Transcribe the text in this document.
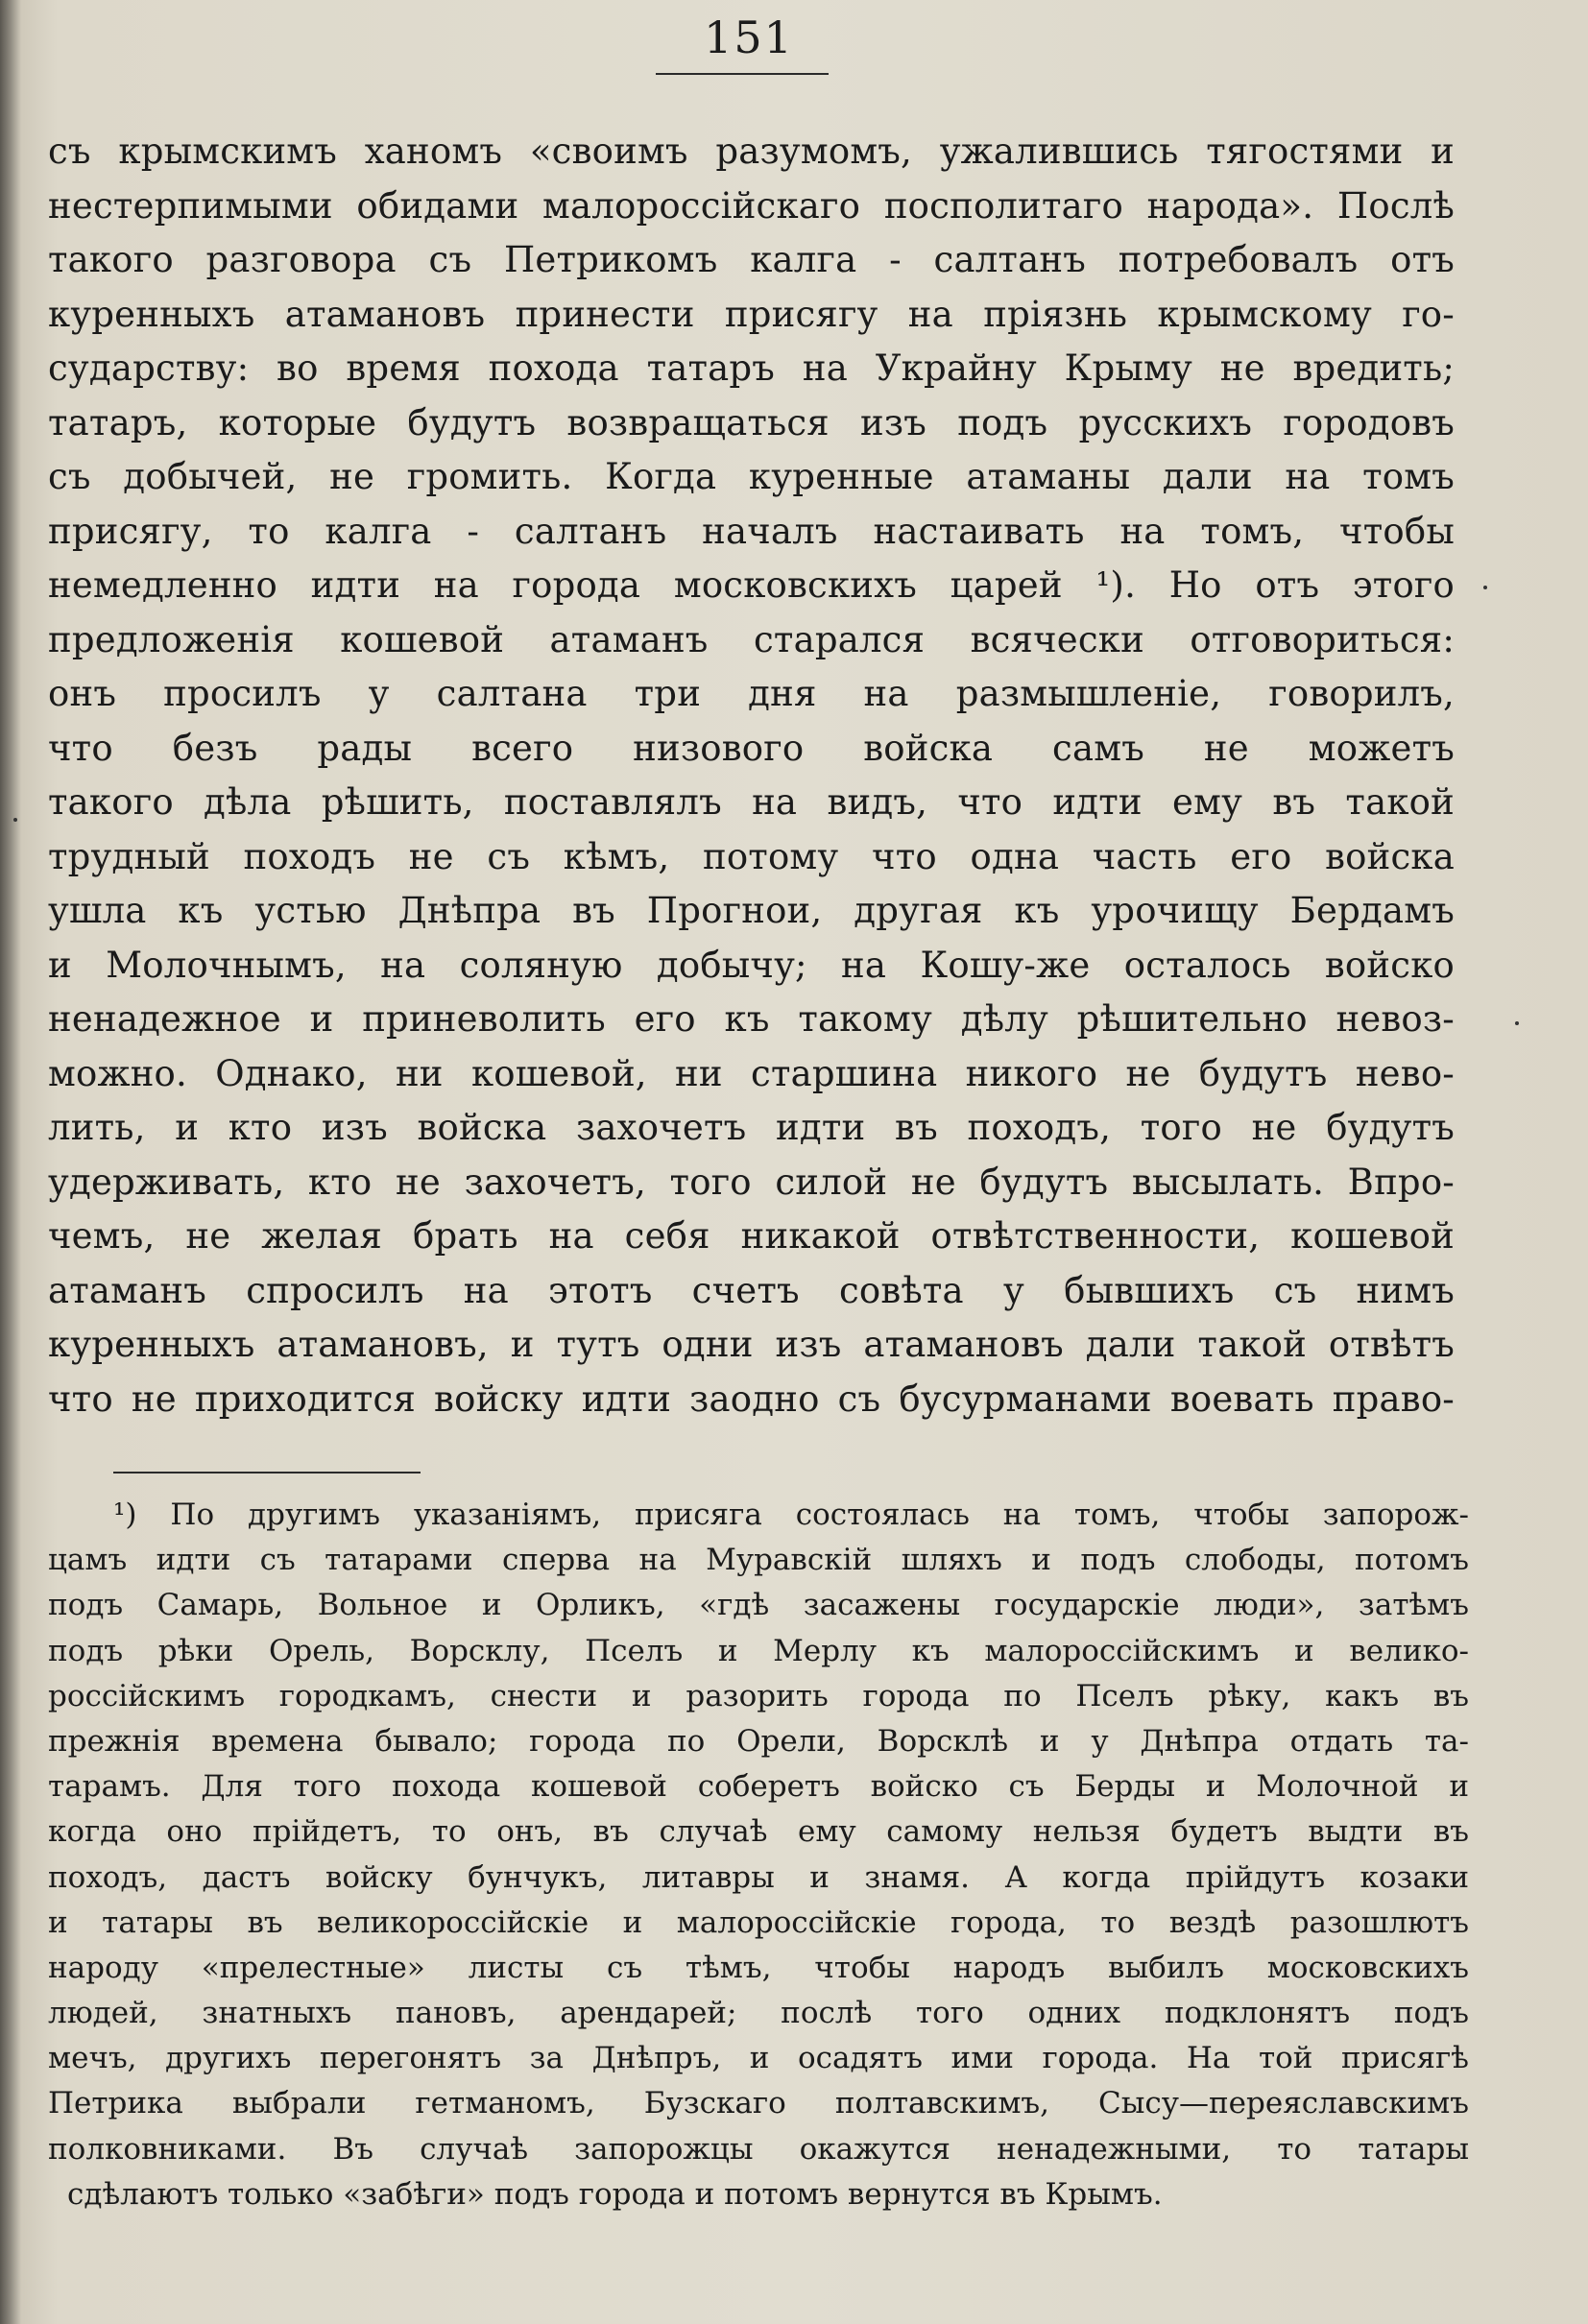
151
съ крымскимъ ханомъ «своимъ разумомъ, ужалившись тягостями и
нестерпимыми обидами малороссійскаго посполитаго народа». Послѣ
такого разговора съ Петрикомъ калга - салтанъ потребовалъ отъ
куренныхъ атамановъ принести присягу на пріязнь крымскому го-
сударству: во время похода татаръ на Украйну Крыму не вредить;
татаръ, которые будутъ возвращаться изъ подъ русскихъ городовъ
съ добычей, не громить. Когда куренные атаманы дали на томъ
присягу, то калга - салтанъ началъ настаивать на томъ, чтобы
немедленно идти на города московскихъ царей ¹). Но отъ этого
предложенія кошевой атаманъ старался всячески отговориться:
онъ просилъ у салтана три дня на размышленіе, говорилъ,
что безъ рады всего низового войска самъ не можетъ
такого дѣла рѣшить, поставлялъ на видъ, что идти ему въ такой
трудный походъ не съ кѣмъ, потому что одна часть его войска
ушла къ устью Днѣпра въ Прогнои, другая къ урочищу Бердамъ
и Молочнымъ, на соляную добычу; на Кошу-же осталось войско
ненадежное и приневолить его къ такому дѣлу рѣшительно невоз-
можно. Однако, ни кошевой, ни старшина никого не будутъ нево-
лить, и кто изъ войска захочетъ идти въ походъ, того не будутъ
удерживать, кто не захочетъ, того силой не будутъ высылать. Впро-
чемъ, не желая брать на себя никакой отвѣтственности, кошевой
атаманъ спросилъ на этотъ счетъ совѣта у бывшихъ съ нимъ
куренныхъ атамановъ, и тутъ одни изъ атамановъ дали такой отвѣтъ
что не приходится войску идти заодно съ бусурманами воевать право-
¹) По другимъ указаніямъ, присяга состоялась на томъ, чтобы запорож-
цамъ идти съ татарами сперва на Муравскій шляхъ и подъ слободы, потомъ
подъ Самарь, Вольное и Орликъ, «гдѣ засажены государскіе люди», затѣмъ
подъ рѣки Орель, Ворсклу, Пселъ и Мерлу къ малороссійскимъ и велико-
россійскимъ городкамъ, снести и разорить города по Пселъ рѣку, какъ въ
прежнія времена бывало; города по Орели, Ворсклѣ и у Днѣпра отдать та-
тарамъ. Для того похода кошевой соберетъ войско съ Берды и Молочной и
когда оно прійдетъ, то онъ, въ случаѣ ему самому нельзя будетъ выдти въ
походъ, дастъ войску бунчукъ, литавры и знамя. А когда прійдутъ козаки
и татары въ великороссійскіе и малороссійскіе города, то вездѣ разошлютъ
народу «прелестные» листы съ тѣмъ, чтобы народъ выбилъ московскихъ
людей, знатныхъ пановъ, арендарей; послѣ того одних подклонятъ подъ
мечъ, другихъ перегонятъ за Днѣпръ, и осадятъ ими города. На той присягѣ
Петрика выбрали гетманомъ, Бузскаго полтавскимъ, Сысу—переяславскимъ
полковниками. Въ случаѣ запорожцы окажутся ненадежными, то татары
сдѣлаютъ только «забѣги» подъ города и потомъ вернутся въ Крымъ.
